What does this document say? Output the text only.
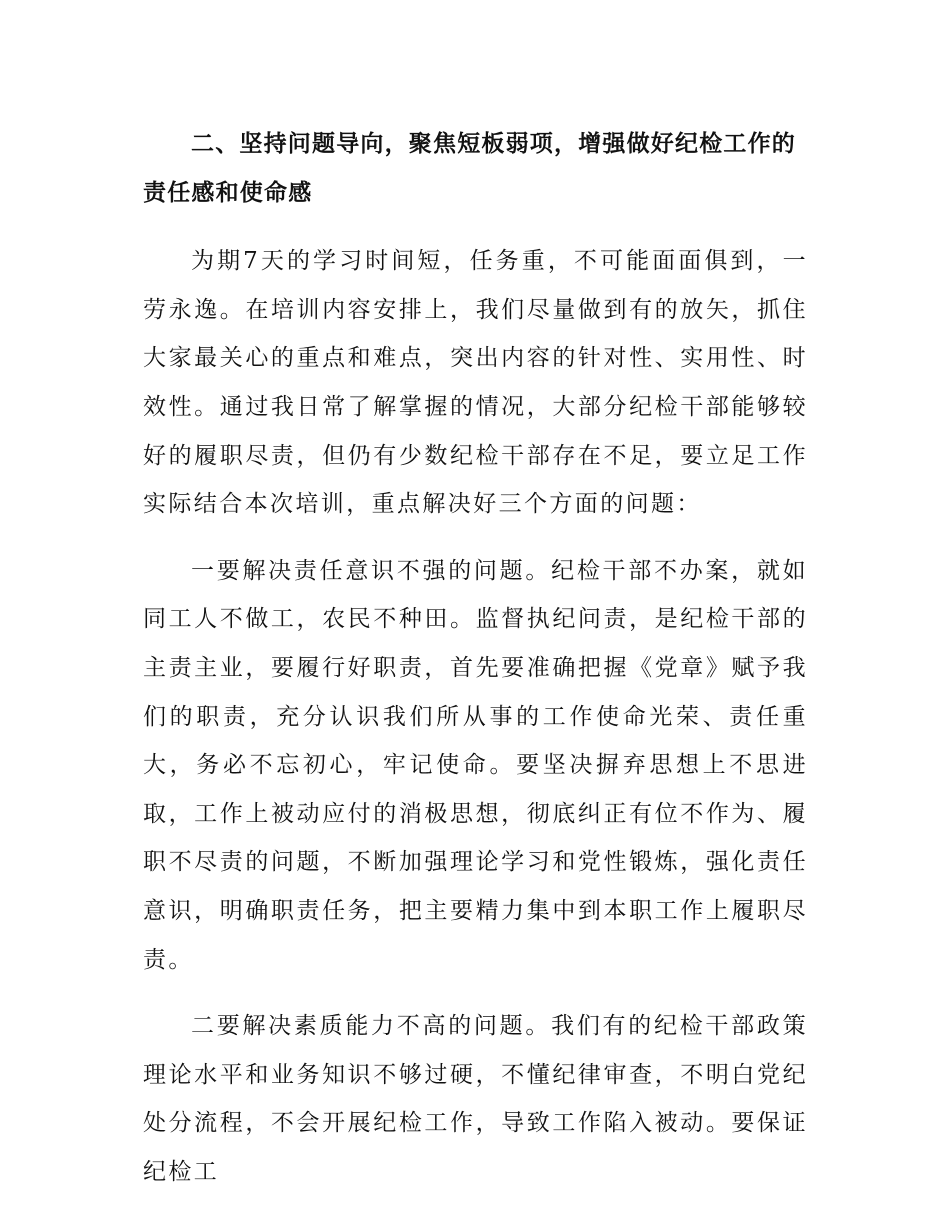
二、坚持问题导向，聚焦短板弱项，增强做好纪检工作的责任感和使命感

为期7天的学习时间短，任务重，不可能面面俱到，一劳永逸。在培训内容安排上，我们尽量做到有的放矢，抓住大家最关心的重点和难点，突出内容的针对性、实用性、时效性。通过我日常了解掌握的情况，大部分纪检干部能够较好的履职尽责，但仍有少数纪检干部存在不足，要立足工作实际结合本次培训，重点解决好三个方面的问题：

一要解决责任意识不强的问题。纪检干部不办案，就如同工人不做工，农民不种田。监督执纪问责，是纪检干部的主责主业，要履行好职责，首先要准确把握《党章》赋予我们的职责，充分认识我们所从事的工作使命光荣、责任重大，务必不忘初心，牢记使命。要坚决摒弃思想上不思进取，工作上被动应付的消极思想，彻底纠正有位不作为、履职不尽责的问题，不断加强理论学习和党性锻炼，强化责任意识，明确职责任务，把主要精力集中到本职工作上履职尽责。

二要解决素质能力不高的问题。我们有的纪检干部政策理论水平和业务知识不够过硬，不懂纪律审查，不明白党纪处分流程，不会开展纪检工作，导致工作陷入被动。要保证纪检工
